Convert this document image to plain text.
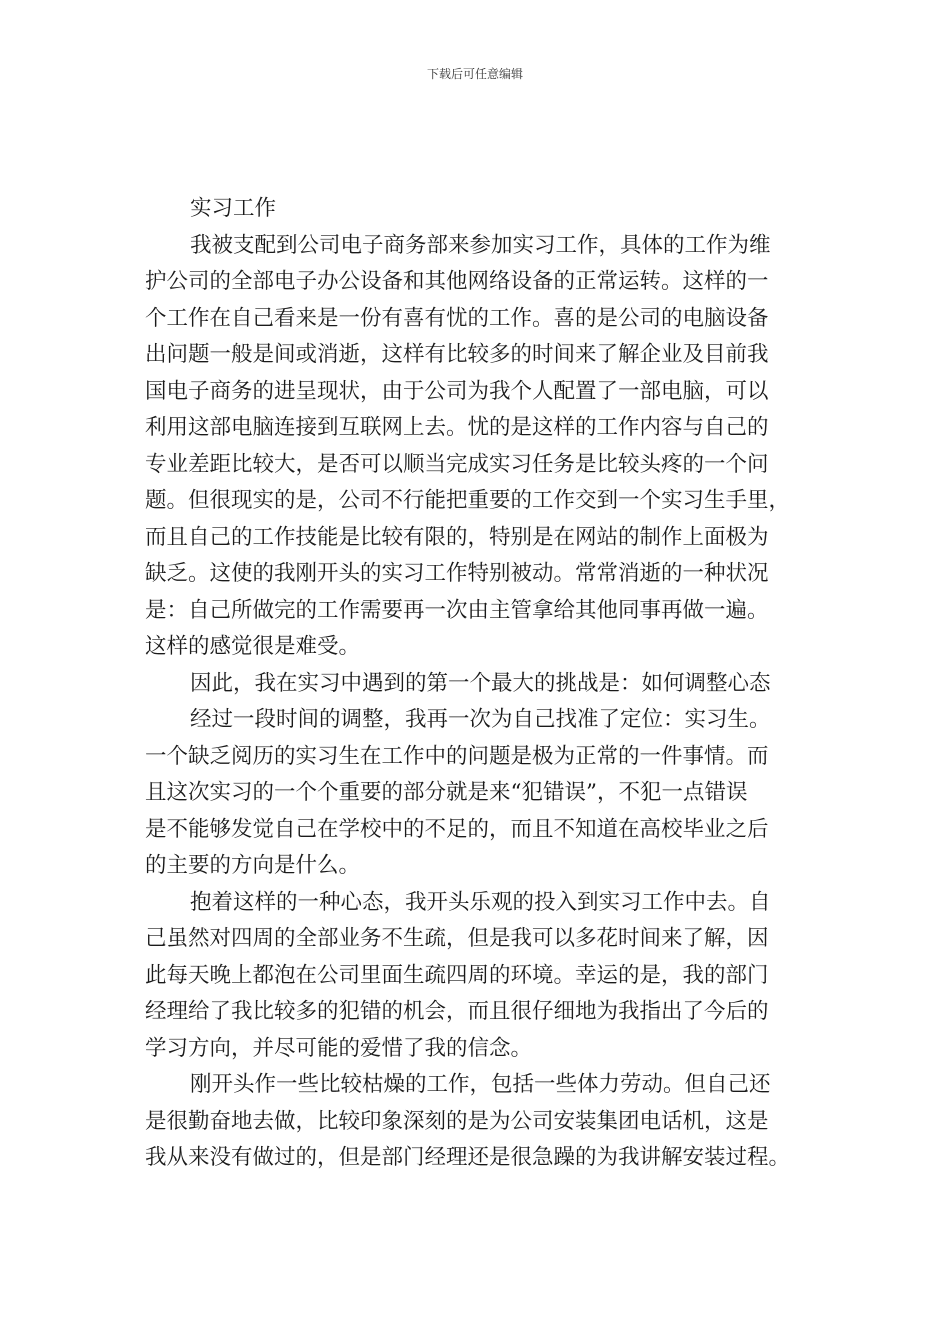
下载后可任意编辑
实习工作
我被支配到公司电子商务部来参加实习工作，具体的工作为维
护公司的全部电子办公设备和其他网络设备的正常运转。这样的一
个工作在自己看来是一份有喜有忧的工作。喜的是公司的电脑设备
出问题一般是间或消逝，这样有比较多的时间来了解企业及目前我
国电子商务的进呈现状，由于公司为我个人配置了一部电脑，可以
利用这部电脑连接到互联网上去。忧的是这样的工作内容与自己的
专业差距比较大，是否可以顺当完成实习任务是比较头疼的一个问
题。但很现实的是，公司不行能把重要的工作交到一个实习生手里，
而且自己的工作技能是比较有限的，特别是在网站的制作上面极为
缺乏。这使的我刚开头的实习工作特别被动。常常消逝的一种状况
是：自己所做完的工作需要再一次由主管拿给其他同事再做一遍。
这样的感觉很是难受。
因此，我在实习中遇到的第一个最大的挑战是：如何调整心态
经过一段时间的调整，我再一次为自己找准了定位：实习生。
一个缺乏阅历的实习生在工作中的问题是极为正常的一件事情。而
且这次实习的一个个重要的部分就是来“犯错误”，不犯一点错误
是不能够发觉自己在学校中的不足的，而且不知道在高校毕业之后
的主要的方向是什么。
抱着这样的一种心态，我开头乐观的投入到实习工作中去。自
己虽然对四周的全部业务不生疏，但是我可以多花时间来了解，因
此每天晚上都泡在公司里面生疏四周的环境。幸运的是，我的部门
经理给了我比较多的犯错的机会，而且很仔细地为我指出了今后的
学习方向，并尽可能的爱惜了我的信念。
刚开头作一些比较枯燥的工作，包括一些体力劳动。但自己还
是很勤奋地去做，比较印象深刻的是为公司安装集团电话机，这是
我从来没有做过的，但是部门经理还是很急躁的为我讲解安装过程。
